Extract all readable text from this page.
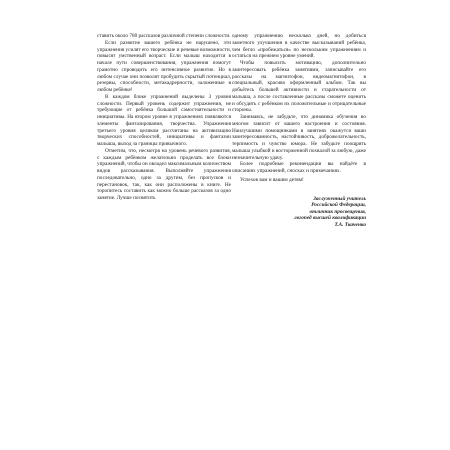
ставить около 780 рассказов различной степени сложности.

Если развитие вашего ребёнка не нарушено, эти упражнения усилят его творческие и речевые возможности, повысят умственный возраст. Если малыш находится в начале пути совершенствования, упражнения помогут грамотно спроводить его интенсивное развитие. Но в любом случае они позволят пробудить скрытый потенциал, резервы, способности, метакадрерности, заложенные в любом ребёнке!

В каждом блоке упражнений выделены 3 уровня сложности. Первый уровень содержит упражнения, не требующие от ребёнка большой самостоятельности и инициативы. На втором уровне в упражнениях появляются элементы фантазирования, творчества. Упражнения третьего уровня целиком рассчитаны на активизацию творческих способностей, инициативы и фантазии малыша, выход за границы привычного.

Отметим, что, несмотря на уровень речевого развития, с каждым ребёнком желательно проделать все блоки упражнений, чтобы он овладел максимальным количеством видов рассказывания. Выполняйте упражнения последовательно, одно за другим, без пропусков и перестановок, так, как они расположены в книге. Не торопитесь составить как можно больше рассказов за одно занятие. Лучше посвятить

одному упражнению несколько дней, но добиться заметного улучшения в качестве высказываний ребёнка, чем бегло «пробежаться» по нескольким упражнениям и остаться на прежнем уровне умений.

Чтобы повысить мотивацию, дополнительно заинтересовать ребёнка занятиями, записывайте его рассказы на магнитофон, видеомагнитофон, в специальный, красиво оформленный альбом. Так вы добьётесь большей активности и старательности от малыша, а после составленные рассказы сможете оценить и обсудить с ребёнком их положительные и отрицательные стороны.

Занимаясь, не забудьте, что динамика обучения во многом зависит от вашего настроения и состояния. Наилучшими помощниками в занятиях окажутся ваши заинтересованность, настойчивость, доброжелательность, терпимость и чувство юмора. Не забудьте поощрять малыша улыбкой и восторженной похвалой за любую, даже незначительную удачу.

Более подробные рекомендации вы найдёте в описаниях упражнений, сносках и примечаниях.

Успехов вам и вашим детям!

Заслуженный учитель
Российской Федерации,
отличник просвещения,
логопед высшей квалификации
Т.А. Ткаченко
